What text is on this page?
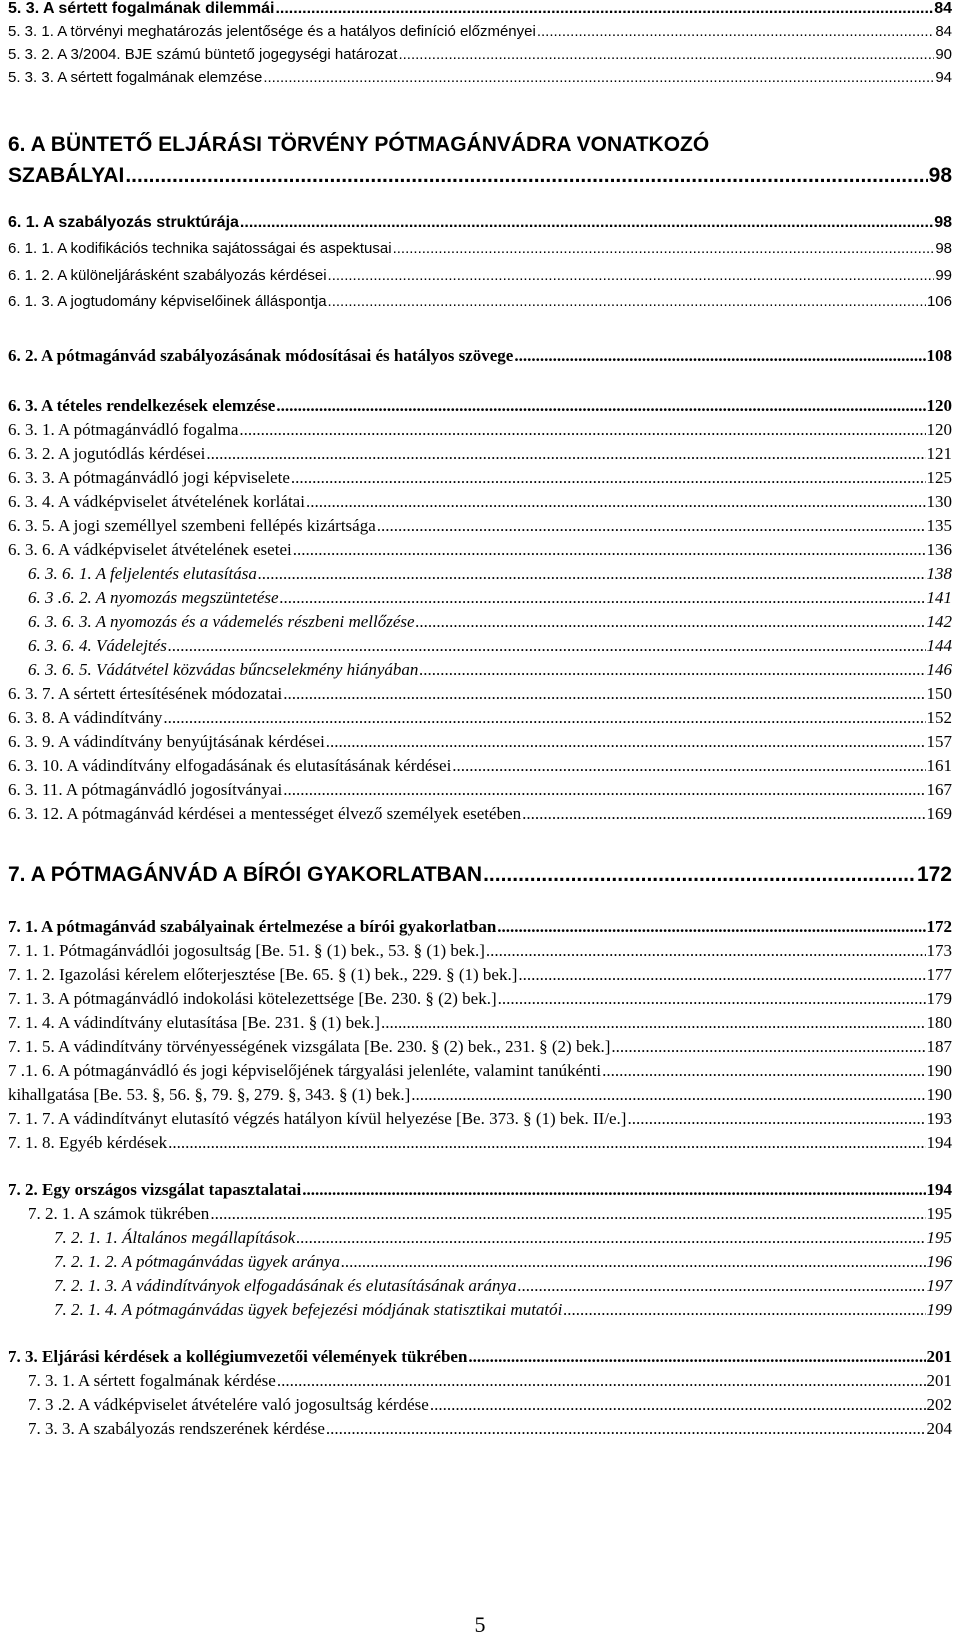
5. 3. A sértett fogalmának dilemmái .....	84
5. 3. 1. A törvényi meghatározás jelentősége és a hatályos definíció előzményei .....	84
5. 3. 2. A 3/2004. BJE számú büntető jogegységi határozat .....	90
5. 3. 3. A sértett fogalmának elemzése .....	94
6. A BÜNTETŐ ELJÁRÁSI TÖRVÉNY PÓTMAGÁNVÁDRA VONATKOZÓ
SZABÁLYAI .....	98
6. 1. A szabályozás struktúrája .....	98
6. 1. 1. A kodifikációs technika sajátosságai és aspektusai .....	98
6. 1. 2. A különeljárásként szabályozás kérdései .....	99
6. 1. 3. A jogtudomány képviselőinek álláspontja .....	106
6. 2. A pótmagánvád szabályozásának módosításai és hatályos szövege .....	108
6. 3. A tételes rendelkezések elemzése .....	120
6. 3. 1. A pótmagánvádló fogalma .....	120
6. 3. 2. A jogutódlás kérdései .....	121
6. 3. 3. A pótmagánvádló jogi képviselete .....	125
6. 3. 4. A vádképviselet átvételének korlátai .....	130
6. 3. 5. A jogi személlyel szembeni fellépés kizártsága .....	135
6. 3. 6. A vádképviselet átvételének esetei .....	136
6. 3. 6. 1. A feljelentés elutasítása .....	138
6. 3 .6. 2. A nyomozás megszüntetése .....	141
6. 3. 6. 3. A nyomozás és a vádemelés részbeni mellőzése .....	142
6. 3. 6. 4. Vádelejtés .....	144
6. 3. 6. 5. Vádátvétel közvádas bűncselekmény hiányában .....	146
6. 3. 7. A sértett értesítésének módozatai .....	150
6. 3. 8. A vádindítvány .....	152
6. 3. 9. A vádindítvány benyújtásának kérdései .....	157
6. 3. 10. A vádindítvány elfogadásának és elutasításának kérdései .....	161
6. 3. 11. A pótmagánvádló jogosítványai .....	167
6. 3. 12. A pótmagánvád kérdései a mentességet élvező személyek esetében .....	169
7. A PÓTMAGÁNVÁD A BÍRÓI GYAKORLATBAN .....	172
7. 1. A pótmagánvád szabályainak értelmezése a bírói gyakorlatban .....	172
7. 1. 1. Pótmagánvádlói jogosultság [Be. 51. § (1) bek., 53. § (1) bek.] .....	173
7. 1. 2. Igazolási kérelem előterjesztése [Be. 65. § (1) bek., 229. § (1) bek.] .....	177
7. 1. 3. A pótmagánvádló indokolási kötelezettsége [Be. 230. § (2) bek.] .....	179
7. 1. 4. A vádindítvány elutasítása [Be. 231. § (1) bek.] .....	180
7. 1. 5. A vádindítvány törvényességének vizsgálata [Be. 230. § (2) bek., 231. § (2) bek.] .....	187
7 .1. 6. A pótmagánvádló és jogi képviselőjének tárgyalási jelenléte, valamint tanúkénti .....	190
kihallgatása [Be. 53. §, 56. §, 79. §, 279. §, 343. § (1) bek.] .....	190
7. 1. 7. A vádindítványt elutasító végzés hatályon kívül helyezése [Be. 373. § (1) bek. II/e.] .....	193
7. 1. 8. Egyéb kérdések .....	194
7. 2. Egy országos vizsgálat tapasztalatai .....	194
7. 2. 1. A számok tükrében .....	195
7. 2. 1. 1. Általános megállapítások .....	195
7. 2. 1. 2. A pótmagánvádas ügyek aránya .....	196
7. 2. 1. 3. A vádindítványok elfogadásának és elutasításának aránya .....	197
7. 2. 1. 4. A pótmagánvádas ügyek befejezési módjának statisztikai mutatói .....	199
7. 3. Eljárási kérdések a kollégiumvezetői vélemények tükrében .....	201
7. 3. 1. A sértett fogalmának kérdése .....	201
7. 3 .2. A vádképviselet átvételére való jogosultság kérdése .....	202
7. 3. 3. A szabályozás rendszerének kérdése .....	204
5
